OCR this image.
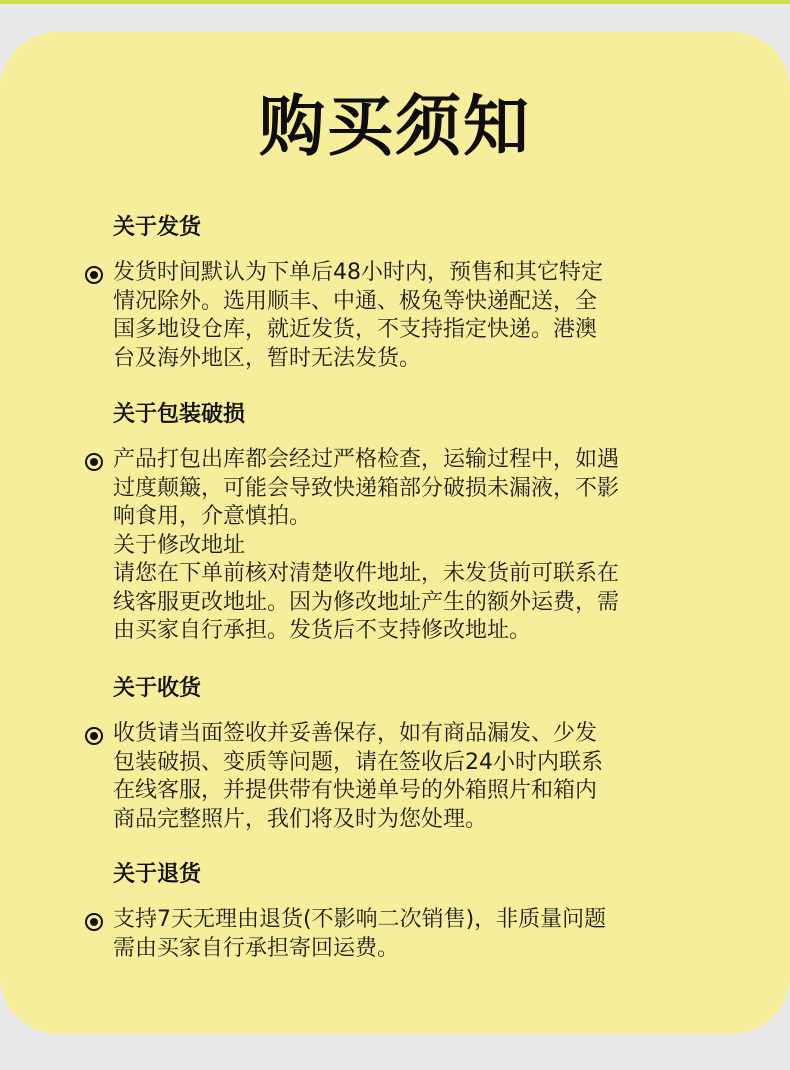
购买须知
关于发货
发货时间默认为下单后48小时内，预售和其它特定
情况除外。选用顺丰、中通、极兔等快递配送，全
国多地设仓库，就近发货，不支持指定快递。港澳
台及海外地区，暂时无法发货。
关于包装破损
产品打包出库都会经过严格检查，运输过程中，如遇
过度颠簸，可能会导致快递箱部分破损未漏液，不影
响食用，介意慎拍。
关于修改地址
请您在下单前核对清楚收件地址，未发货前可联系在
线客服更改地址。因为修改地址产生的额外运费，需
由买家自行承担。发货后不支持修改地址。
关于收货
收货请当面签收并妥善保存，如有商品漏发、少发
包装破损、变质等问题，请在签收后24小时内联系
在线客服，并提供带有快递单号的外箱照片和箱内
商品完整照片，我们将及时为您处理。
关于退货
支持7天无理由退货(不影响二次销售)，非质量问题
需由买家自行承担寄回运费。
